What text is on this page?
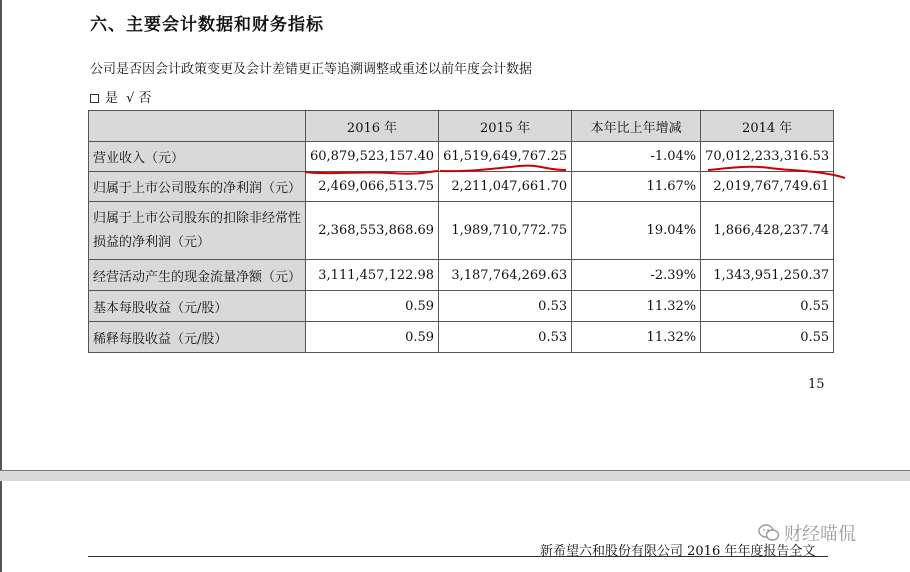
六、主要会计数据和财务指标
公司是否因会计政策变更及会计差错更正等追溯调整或重述以前年度会计数据
是 √ 否
	2016 年	2015 年	本年比上年增减	2014 年
营业收入（元）	60,879,523,157.40	61,519,649,767.25	-1.04%	70,012,233,316.53
归属于上市公司股东的净利润（元）	2,469,066,513.75	2,211,047,661.70	11.67%	2,019,767,749.61
归属于上市公司股东的扣除非经常性损益的净利润（元）	2,368,553,868.69	1,989,710,772.75	19.04%	1,866,428,237.74
经营活动产生的现金流量净额（元）	3,111,457,122.98	3,187,764,269.63	-2.39%	1,343,951,250.37
基本每股收益（元/股）	0.59	0.53	11.32%	0.55
稀释每股收益（元/股）	0.59	0.53	11.32%	0.55
15
财经喵侃
新希望六和股份有限公司 2016 年年度报告全文
